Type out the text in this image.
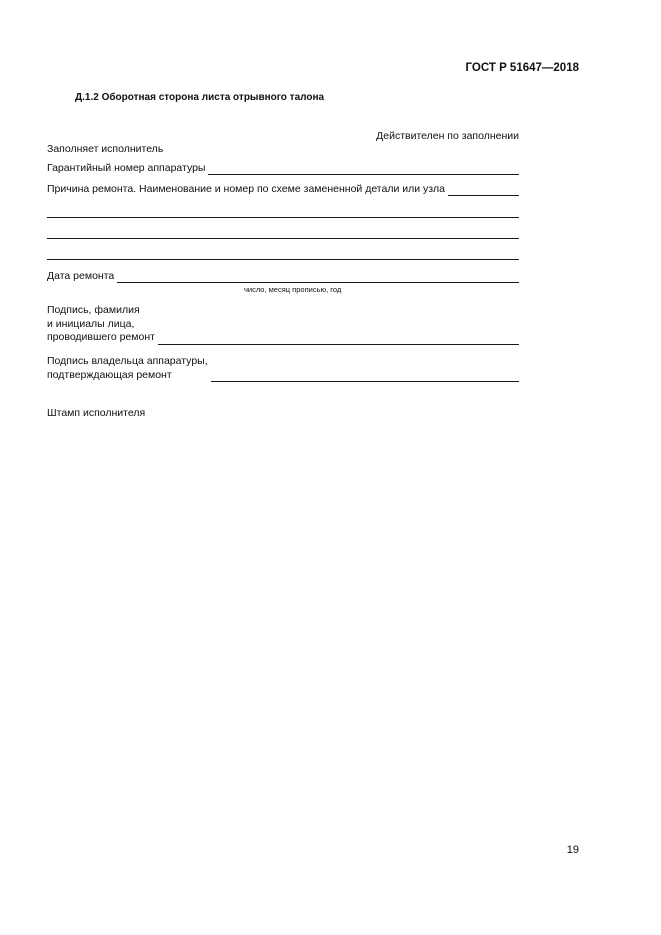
ГОСТ Р 51647—2018
Д.1.2 Оборотная сторона листа отрывного талона
Действителен по заполнении
Заполняет исполнитель
Гарантийный номер аппаратуры
Причина ремонта. Наименование и номер по схеме замененной детали или узла
Дата ремонта
число, месяц прописью, год
Подпись, фамилия
и инициалы лица,
проводившего ремонт
Подпись владельца аппаратуры,
подтверждающая ремонт
Штамп исполнителя
19
